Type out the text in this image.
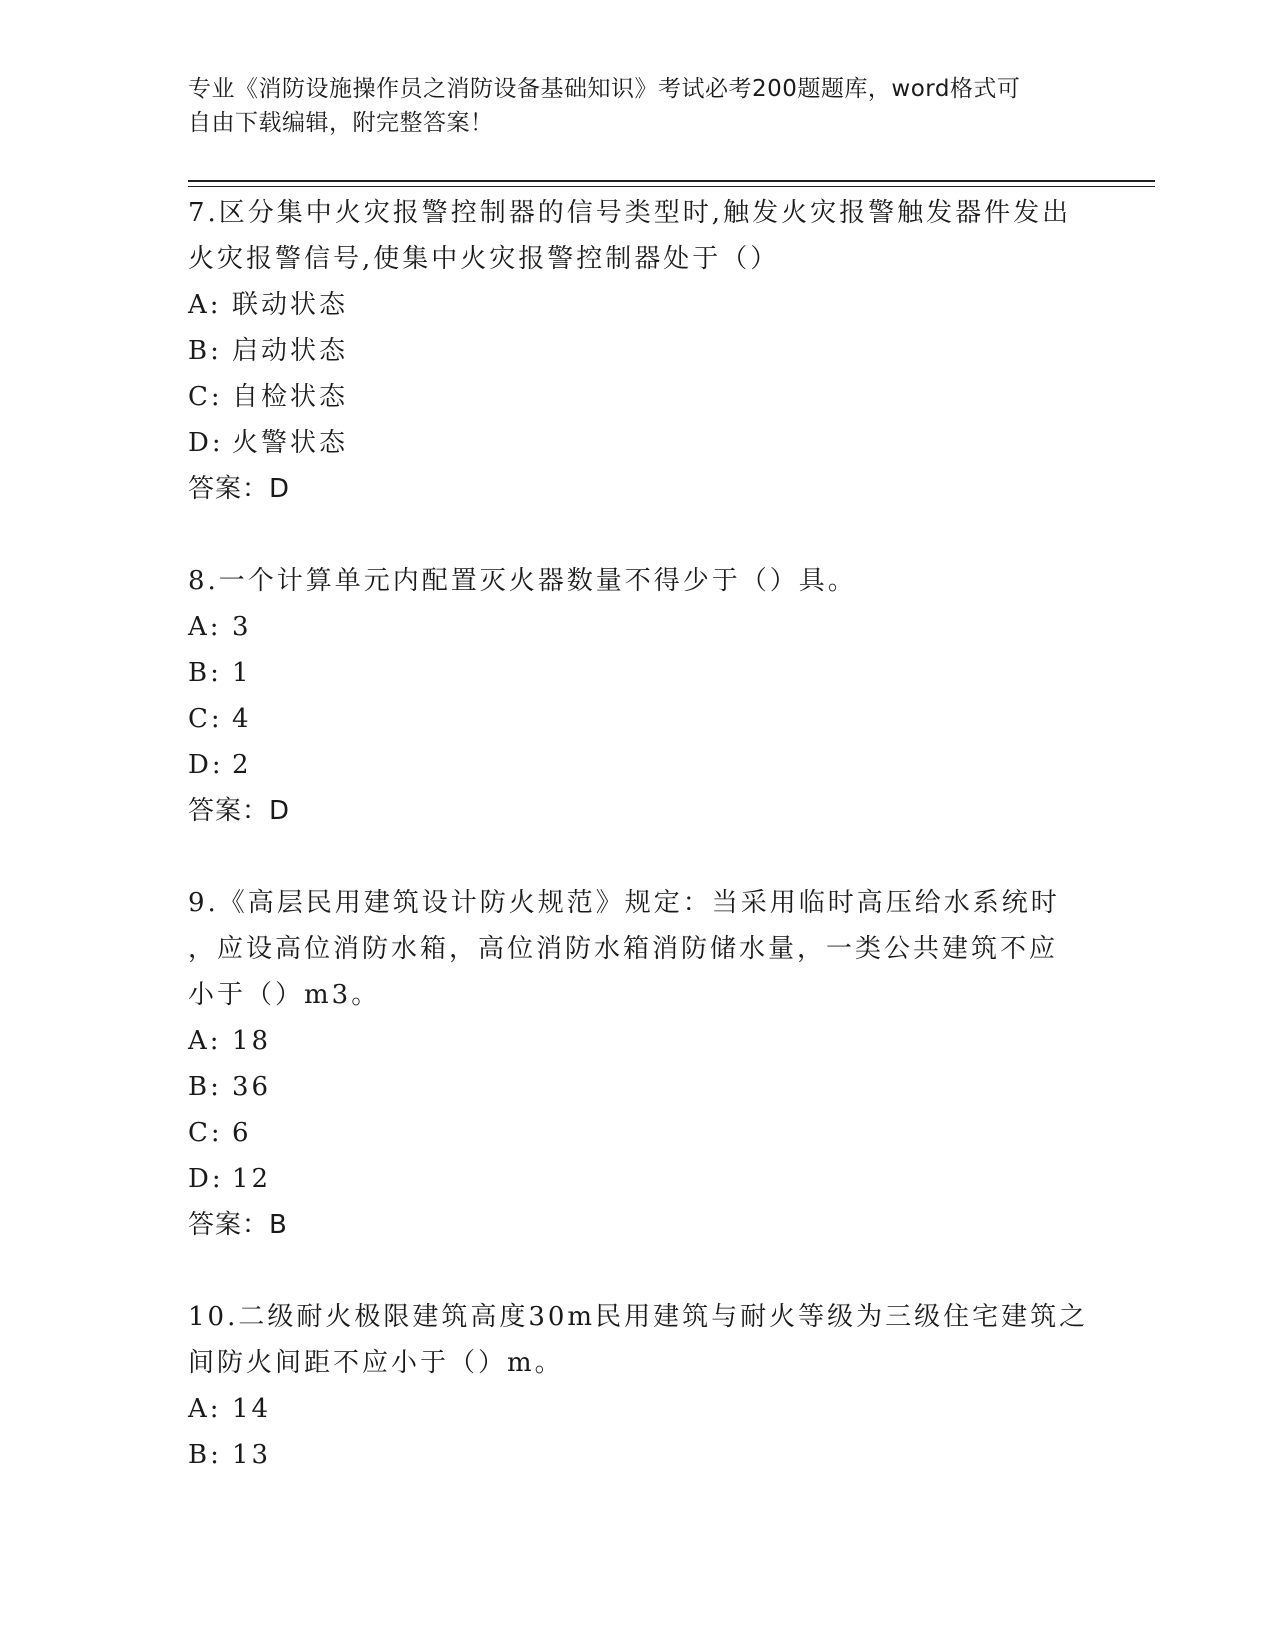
专业《消防设施操作员之消防设备基础知识》考试必考200题题库，word格式可
自由下载编辑，附完整答案！
7.区分集中火灾报警控制器的信号类型时,触发火灾报警触发器件发出
火灾报警信号,使集中火灾报警控制器处于（）
A: 联动状态
B: 启动状态
C: 自检状态
D: 火警状态
答案：D
8.一个计算单元内配置灭火器数量不得少于（）具。
A: 3
B: 1
C: 4
D: 2
答案：D
9.《高层民用建筑设计防火规范》规定：当采用临时高压给水系统时
，应设高位消防水箱，高位消防水箱消防储水量，一类公共建筑不应
小于（）m3。
A: 18
B: 36
C: 6
D: 12
答案：B
10.二级耐火极限建筑高度30m民用建筑与耐火等级为三级住宅建筑之
间防火间距不应小于（）m。
A: 14
B: 13
